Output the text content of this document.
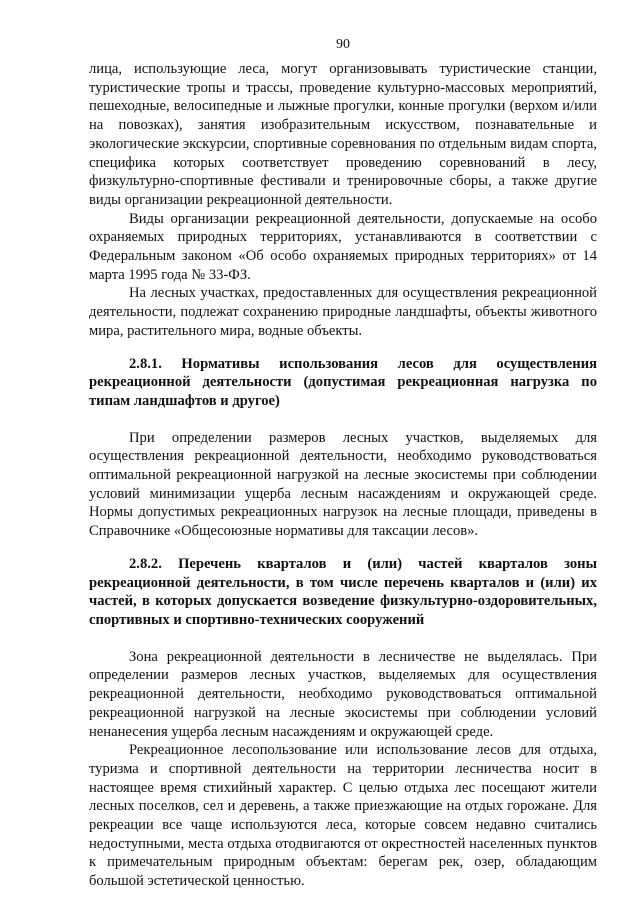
90

лица, использующие леса, могут организовывать туристические станции, туристические тропы и трассы, проведение культурно-массовых мероприятий, пешеходные, велосипедные и лыжные прогулки, конные прогулки (верхом и/или на повозках), занятия изобразительным искусством, познавательные и экологические экскурсии, спортивные соревнования по отдельным видам спорта, специфика которых соответствует проведению соревнований в лесу, физкультурно-спортивные фестивали и тренировочные сборы, а также другие виды организации рекреационной деятельности.

Виды организации рекреационной деятельности, допускаемые на особо охраняемых природных территориях, устанавливаются в соответствии с Федеральным законом «Об особо охраняемых природных территориях» от 14 марта 1995 года № 33-ФЗ.

На лесных участках, предоставленных для осуществления рекреационной деятельности, подлежат сохранению природные ландшафты, объекты животного мира, растительного мира, водные объекты.

2.8.1. Нормативы использования лесов для осуществления рекреационной деятельности (допустимая рекреационная нагрузка по типам ландшафтов и другое)

При определении размеров лесных участков, выделяемых для осуществления рекреационной деятельности, необходимо руководствоваться оптимальной рекреационной нагрузкой на лесные экосистемы при соблюдении условий минимизации ущерба лесным насаждениям и окружающей среде. Нормы допустимых рекреационных нагрузок на лесные площади, приведены в Справочнике «Общесоюзные нормативы для таксации лесов».

2.8.2. Перечень кварталов и (или) частей кварталов зоны рекреационной деятельности, в том числе перечень кварталов и (или) их частей, в которых допускается возведение физкультурно-оздоровительных, спортивных и спортивно-технических сооружений

Зона рекреационной деятельности в лесничестве не выделялась. При определении размеров лесных участков, выделяемых для осуществления рекреационной деятельности, необходимо руководствоваться оптимальной рекреационной нагрузкой на лесные экосистемы при соблюдении условий ненанесения ущерба лесным насаждениям и окружающей среде.

Рекреационное лесопользование или использование лесов для отдыха, туризма и спортивной деятельности на территории лесничества носит в настоящее время стихийный характер. С целью отдыха лес посещают жители лесных поселков, сел и деревень, а также приезжающие на отдых горожане. Для рекреации все чаще используются леса, которые совсем недавно считались недоступными, места отдыха отодвигаются от окрестностей населенных пунктов к примечательным природным объектам: берегам рек, озер, обладающим большой эстетической ценностью.
